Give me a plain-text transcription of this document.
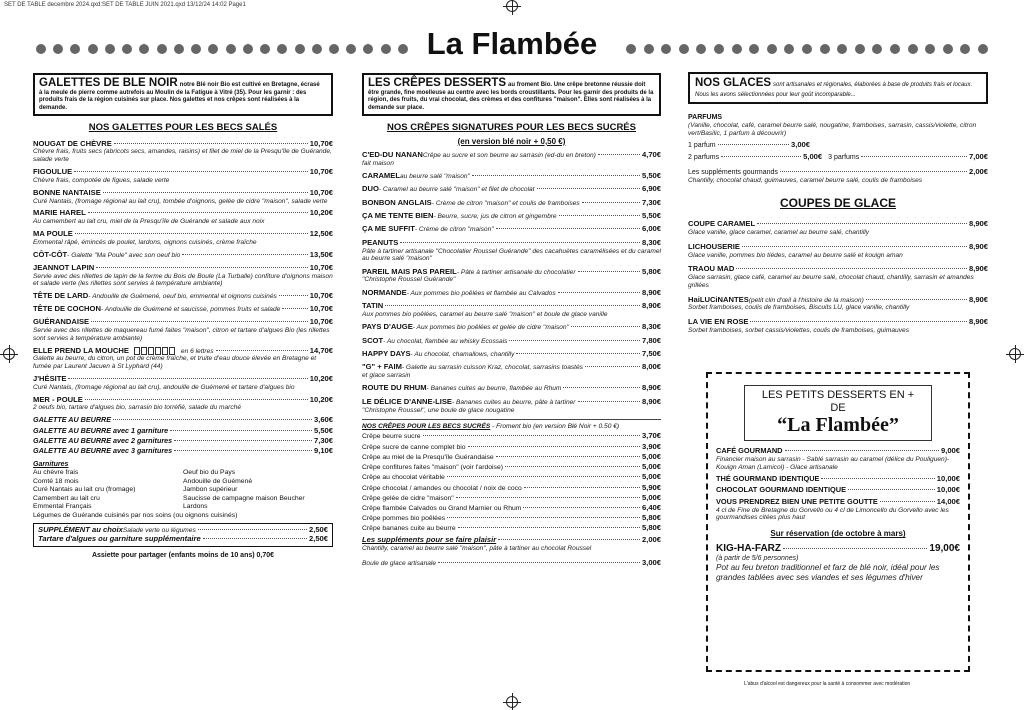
SET DE TABLE decembre 2024.qxd:SET DE TABLE JUIN 2021.qxd 13/12/24 14:02 Page1
La Flambée
GALETTES DE BLE NOIR notre Blé noir Bio est cultivé en Bretagne, écrasé
à la meule de pierre comme autrefois au Moulin de la Fatigue à Vitré (35). Pour les garnir : des produits frais de la région cuisinés sur place. Nos galettes et nos crêpes sont réalisées à la demande.
NOS GALETTES POUR LES BECS SALÉS
NOUGAT DE CHÈVRE	10,70€
Chèvre frais, fruits secs (abricots secs, amandes, raisins) et filet de miel de la Presqu'île de Guérande, salade verte
FIGOULUE	10,70€
Chèvre frais, compotée de figues, salade verte
BONNE NANTAISE	10,70€
Curé Nantais, (fromage régional au lait cru), tombée d'oignons, gelée de cidre "maison", salade verte
MARIE HAREL	10,20€
Au camembert au lait cru, miel de la Presqu'île de Guérande et salade aux noix
MA POULE	12,50€
Emmental râpé, émincés de poulet, lardons, oignons cuisinés, crème fraîche
CÔT-CÔT - Galette "Ma Poule" avec son oeuf bio	13,50€
JEANNOT LAPIN	10,70€
Servie avec des rillettes de lapin de la ferme du Bois de Boule (La Turballe) confiture d'oignons maison et salade verte (les rillettes sont servies à température ambiante)
TÊTE DE LARD - Andouille de Guémené, oeuf bio, emmental et oignons cuisinés	10,70€
TÊTE DE COCHON - Andouille de Guémené et saucisse, pommes fruits et salade	10,70€
GUÉRANDAISE	10,70€
Servie avec des rillettes de maquereau fumé faites "maison", citron et tartare d'algues Bio (les rillettes sont servies à température ambiante)
ELLE PREND LA MOUCHE	en 6 lettres	14,70€
Galette au beurre, du citron, un pot de crème fraîche, et truite d'eau douce élevée en Bretagne et fumée par Laurent Jacuen à St Lyphard (44)
J'HÉSITE	10,20€
Curé Nantais, (fromage régional au lait cru), andouille de Guémené et tartare d'algues bio
MER - POULE	10,20€
2 oeufs bio, tartare d'algues bio, sarrasin bio torréfié, salade du marché
GALETTE AU BEURRE	3,60€
GALETTE AU BEURRE avec 1 garniture	5,50€
GALETTE AU BEURRE avec 2 garnitures	7,30€
GALETTE AU BEURRE avec 3 garnitures	9,10€
Garnitures
Au chèvre frais	Oeuf bio du Pays
Comté 18 mois	Andouille de Guémené
Curé Nantais au lait cru (fromage)	Jambon supérieur
Camembert au lait cru	Saucisse de campagne maison Beucher
Emmental Français	Lardons
Légumes de Guérande cuisinés par nos soins (ou oignons cuisinés)
SUPPLÉMENT au choix Salade verte ou légumes	2,50€
Tartare d'algues ou garniture supplémentaire	2,50€
Assiette pour partager (enfants moins de 10 ans) 0,70€
LES CRÊPES DESSERTS au froment Bio. Une crêpe bretonne réussie doit
être grande, fine moelleuse au centre avec les bords croustillants. Pour les garnir des produits de la région, des fruits, du vrai chocolat, des crèmes et des confitures "maison". Elles sont réalisées à la demande sur place.
NOS CRÊPES SIGNATURES POUR LES BECS SUCRÉS
(en version blé noir + 0,50 €)
C'ED-DU NANAN Crêpe au sucre et son beurre au sarrasin (ed-du en breton)	4,70€
fait maison
CARAMEL au beurre salé "maison"	5,50€
DUO - Caramel au beurre salé "maison" et filet de chocolat	6,90€
BONBON ANGLAIS - Crème de citron "maison" et coulis de framboises	7,30€
ÇA ME TENTE BIEN - Beurre, sucre, jus de citron et gingembre	5,50€
ÇA ME SUFFIT - Crème de citron "maison"	6,00€
PEANUTS	8,30€
Pâte à tartiner artisanale "Chocolatier Roussel Guérande" des cacahuètes caramélisées et du caramel au beurre salé "maison"
PAREIL MAIS PAS PAREIL - Pâte à tartiner artisanale du chocolatier	5,80€
"Christophe Roussel Guérande"
NORMANDE - Aux pommes bio poêlées et flambée au Calvados	8,90€
TATIN	8,90€
Aux pommes bio poêlées, caramel au beurre salé "maison" et boule de glace vanille
PAYS D'AUGE - Aux pommes bio poêlées et gelée de cidre "maison"	8,30€
SCOT - Au chocolat, flambée au whisky Ecossais	7,80€
HAPPY DAYS - Au chocolat, chamallows, chantilly	7,50€
"G" + FAIM - Galette au sarrasin cuisson Kraz, chocolat, sarrasins toastés	8,00€
et glace sarrasin
ROUTE DU RHUM - Bananes cuites au beurre, flambée au Rhum	8,90€
LE DÉLICE D'ANNE-LISE - Bananes cuites au beurre, pâte à tartiner	8,90€
"Christophe Roussel", une boule de glace nougatine
NOS CRÊPES POUR LES BECS SUCRÉS - Froment bio (en version Blé Noir + 0.50 €)
Crêpe beurre sucre	3,70€
Crêpe sucre de canne complet bio	3,90€
Crêpe au miel de la Presqu'île Guérandaise	5,00€
Crêpe confitures faites "maison" (voir l'ardoise)	5,00€
Crêpe au chocolat véritable	5,00€
Crêpe chocolat / amandes ou chocolat / noix de coco	5,90€
Crêpe gelée de cidre "maison"	5,00€
Crêpe flambée Calvados ou Grand Marnier ou Rhum	6,40€
Crêpe pommes bio poêlées	5,80€
Crêpe bananes cuite au beurre	5,80€
Les suppléments pour se faire plaisir	2,00€
Chantilly, caramel au beurre salé "maison", pâte à tartiner au chocolat Roussel
Boule de glace artisanale	3,00€
NOS GLACES sont artisanales et régionales, élaborées à base de produits frais et locaux. Nous les avons sélectionnées pour leur goût incomparable...
PARFUMS
(Vanille, chocolat, café, caramel beurre salé, nougatine, framboises, sarrasin, cassis/violette, citron vert/Basilic, 1 parfum à découvrir)
1 parfum	3,00€
2 parfums	5,00€ 3 parfums	7,00€
Les suppléments gourmands	2,00€
Chantilly, chocolat chaud, guimauves, caramel beurre salé, coulis de framboises
COUPES DE GLACE
COUPE CARAMEL	8,90€
Glace vanille, glace caramel, caramel au beurre salé, chantilly
LICHOUSERIE	8,90€
Glace vanille, pommes bio tiédes, caramel au beurre salé et kouign aman
TRAOU MAD	8,90€
Glace sarrasin, glace café, caramel au beurre salé, chocolat chaud, chantilly, sarrasin et amandes grillées
HaiLUCiNANTES (petit clin d'œil à l'histoire de la maison)	8,90€
Sorbet framboises, coulis de framboises, Biscuits LU, glace vanille, chantilly
LA VIE EN ROSE	8,90€
Sorbet framboises, sorbet cassis/violettes, coulis de framboises, guimauves
LES PETITS DESSERTS EN +
DE
“La Flambée”
CAFÉ GOURMAND	9,00€
Financier maison au sarrasin - Sablé sarrasin au caramel (délice du Pouliguen)- Kouign Aman (Lamicol) - Glace artisanale
THÉ GOURMAND IDENTIQUE	10,00€
CHOCOLAT GOURMAND IDENTIQUE	10,00€
VOUS PRENDREZ BIEN UNE PETITE GOUTTE	14,00€
4 cl de Fine de Bretagne du Gorvello ou 4 cl de Limoncello du Gorvello avec les gourmandises citées plus haut
Sur réservation (de octobre à mars)
KIG-HA-FARZ	19,00€
(à partir de 5/6 personnes)
Pot au feu breton traditionnel et farz de blé noir, idéal pour les grandes tablées avec ses viandes et ses légumes d'hiver
L'abus d'alcool est dangereux pour la santé à consommer avec modération
